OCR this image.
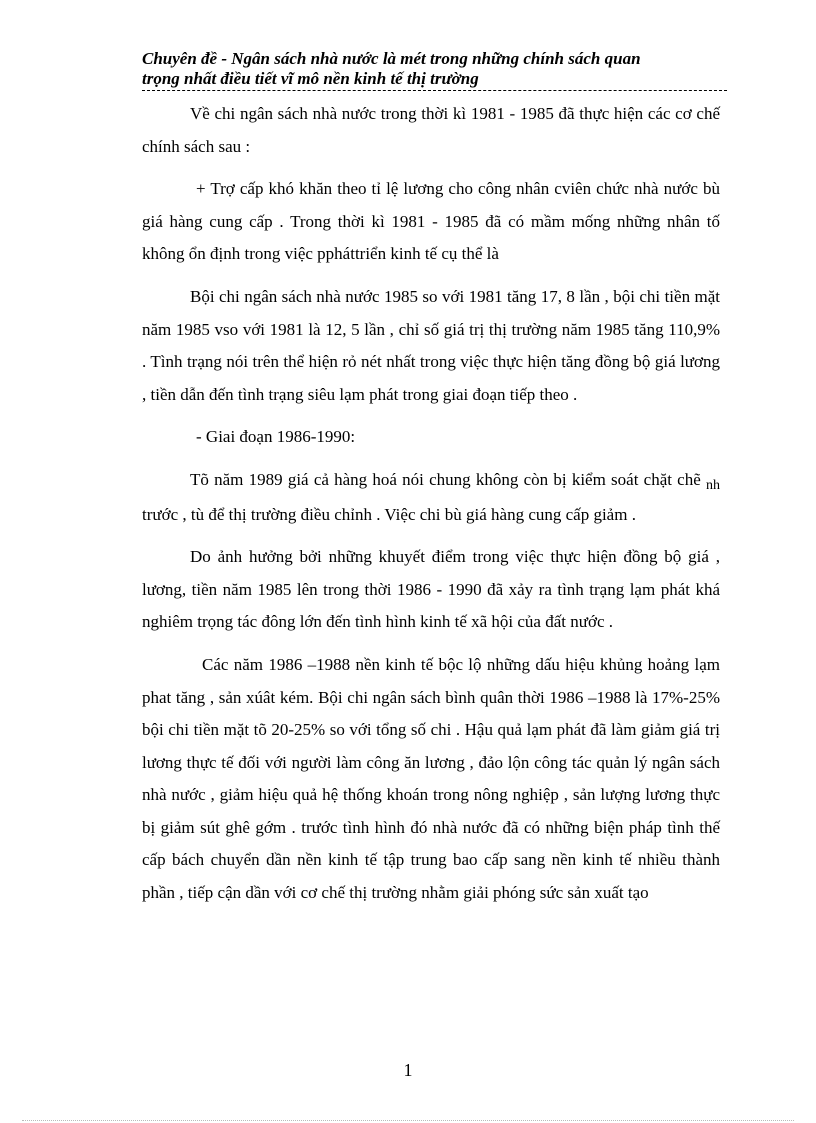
Chuyên đề - Ngân sách nhà nước là mét trong những chính sách quan
trọng nhất điều tiết vĩ mô nền kinh tế thị trường

Về chi ngân sách nhà nước trong thời kì 1981 - 1985 đã thực hiện các cơ chế chính sách sau :

+ Trợ cấp khó khăn theo tỉ lệ lương cho công nhân cviên chức nhà nước bù giá hàng cung cấp . Trong thời kì 1981 - 1985 đã có mầm mống những nhân tố không ổn định trong việc ppháttriển kinh tế cụ thể là

Bội chi ngân sách nhà nước 1985 so với 1981 tăng 17, 8 lần , bội chi tiền mặt năm 1985 vso với 1981 là 12, 5 lần , chỉ số giá trị thị trường năm 1985 tăng 110,9% . Tình trạng nói trên thể hiện rỏ nét nhất trong việc thực hiện tăng đồng bộ giá lương , tiền dẫn đến tình trạng siêu lạm phát trong giai đoạn tiếp theo .

- Giai đoạn 1986-1990:

Tõ năm 1989 giá cả hàng hoá nói chung không còn bị kiểm soát chặt chẽ $_{nh}$ trước , tù để thị trường điều chỉnh . Việc chi bù giá hàng cung cấp giảm .

Do ảnh hưởng bởi những khuyết điểm trong việc thực hiện đồng bộ giá , lương, tiền năm 1985 lên trong thời 1986 - 1990 đã xảy ra tình trạng lạm phát khá nghiêm trọng tác đông lớn đến tình hình kinh tế xã hội của đất nước .

Các năm 1986 –1988 nền kinh tế bộc lộ những dấu hiệu khủng hoảng lạm phat tăng , sản xúât kém. Bội chi ngân sách bình quân thời 1986 –1988 là 17%-25% bội chi tiền mặt tõ 20-25% so với tổng số chi . Hậu quả lạm phát đã làm giảm giá trị lương thực tế đối với người làm công ăn lương , đảo lộn công tác quản lý ngân sách nhà nước , giảm hiệu quả hệ thống khoán trong nông nghiệp , sản lượng lương thực bị giảm sút ghê gớm . trước tình hình đó nhà nước đã có những biện pháp tình thế cấp bách chuyển dần nền kinh tế tập trung bao cấp sang nền kinh tế nhiều thành phần , tiếp cận dần với cơ chế thị trường nhằm giải phóng sức sản xuất tạo

1
